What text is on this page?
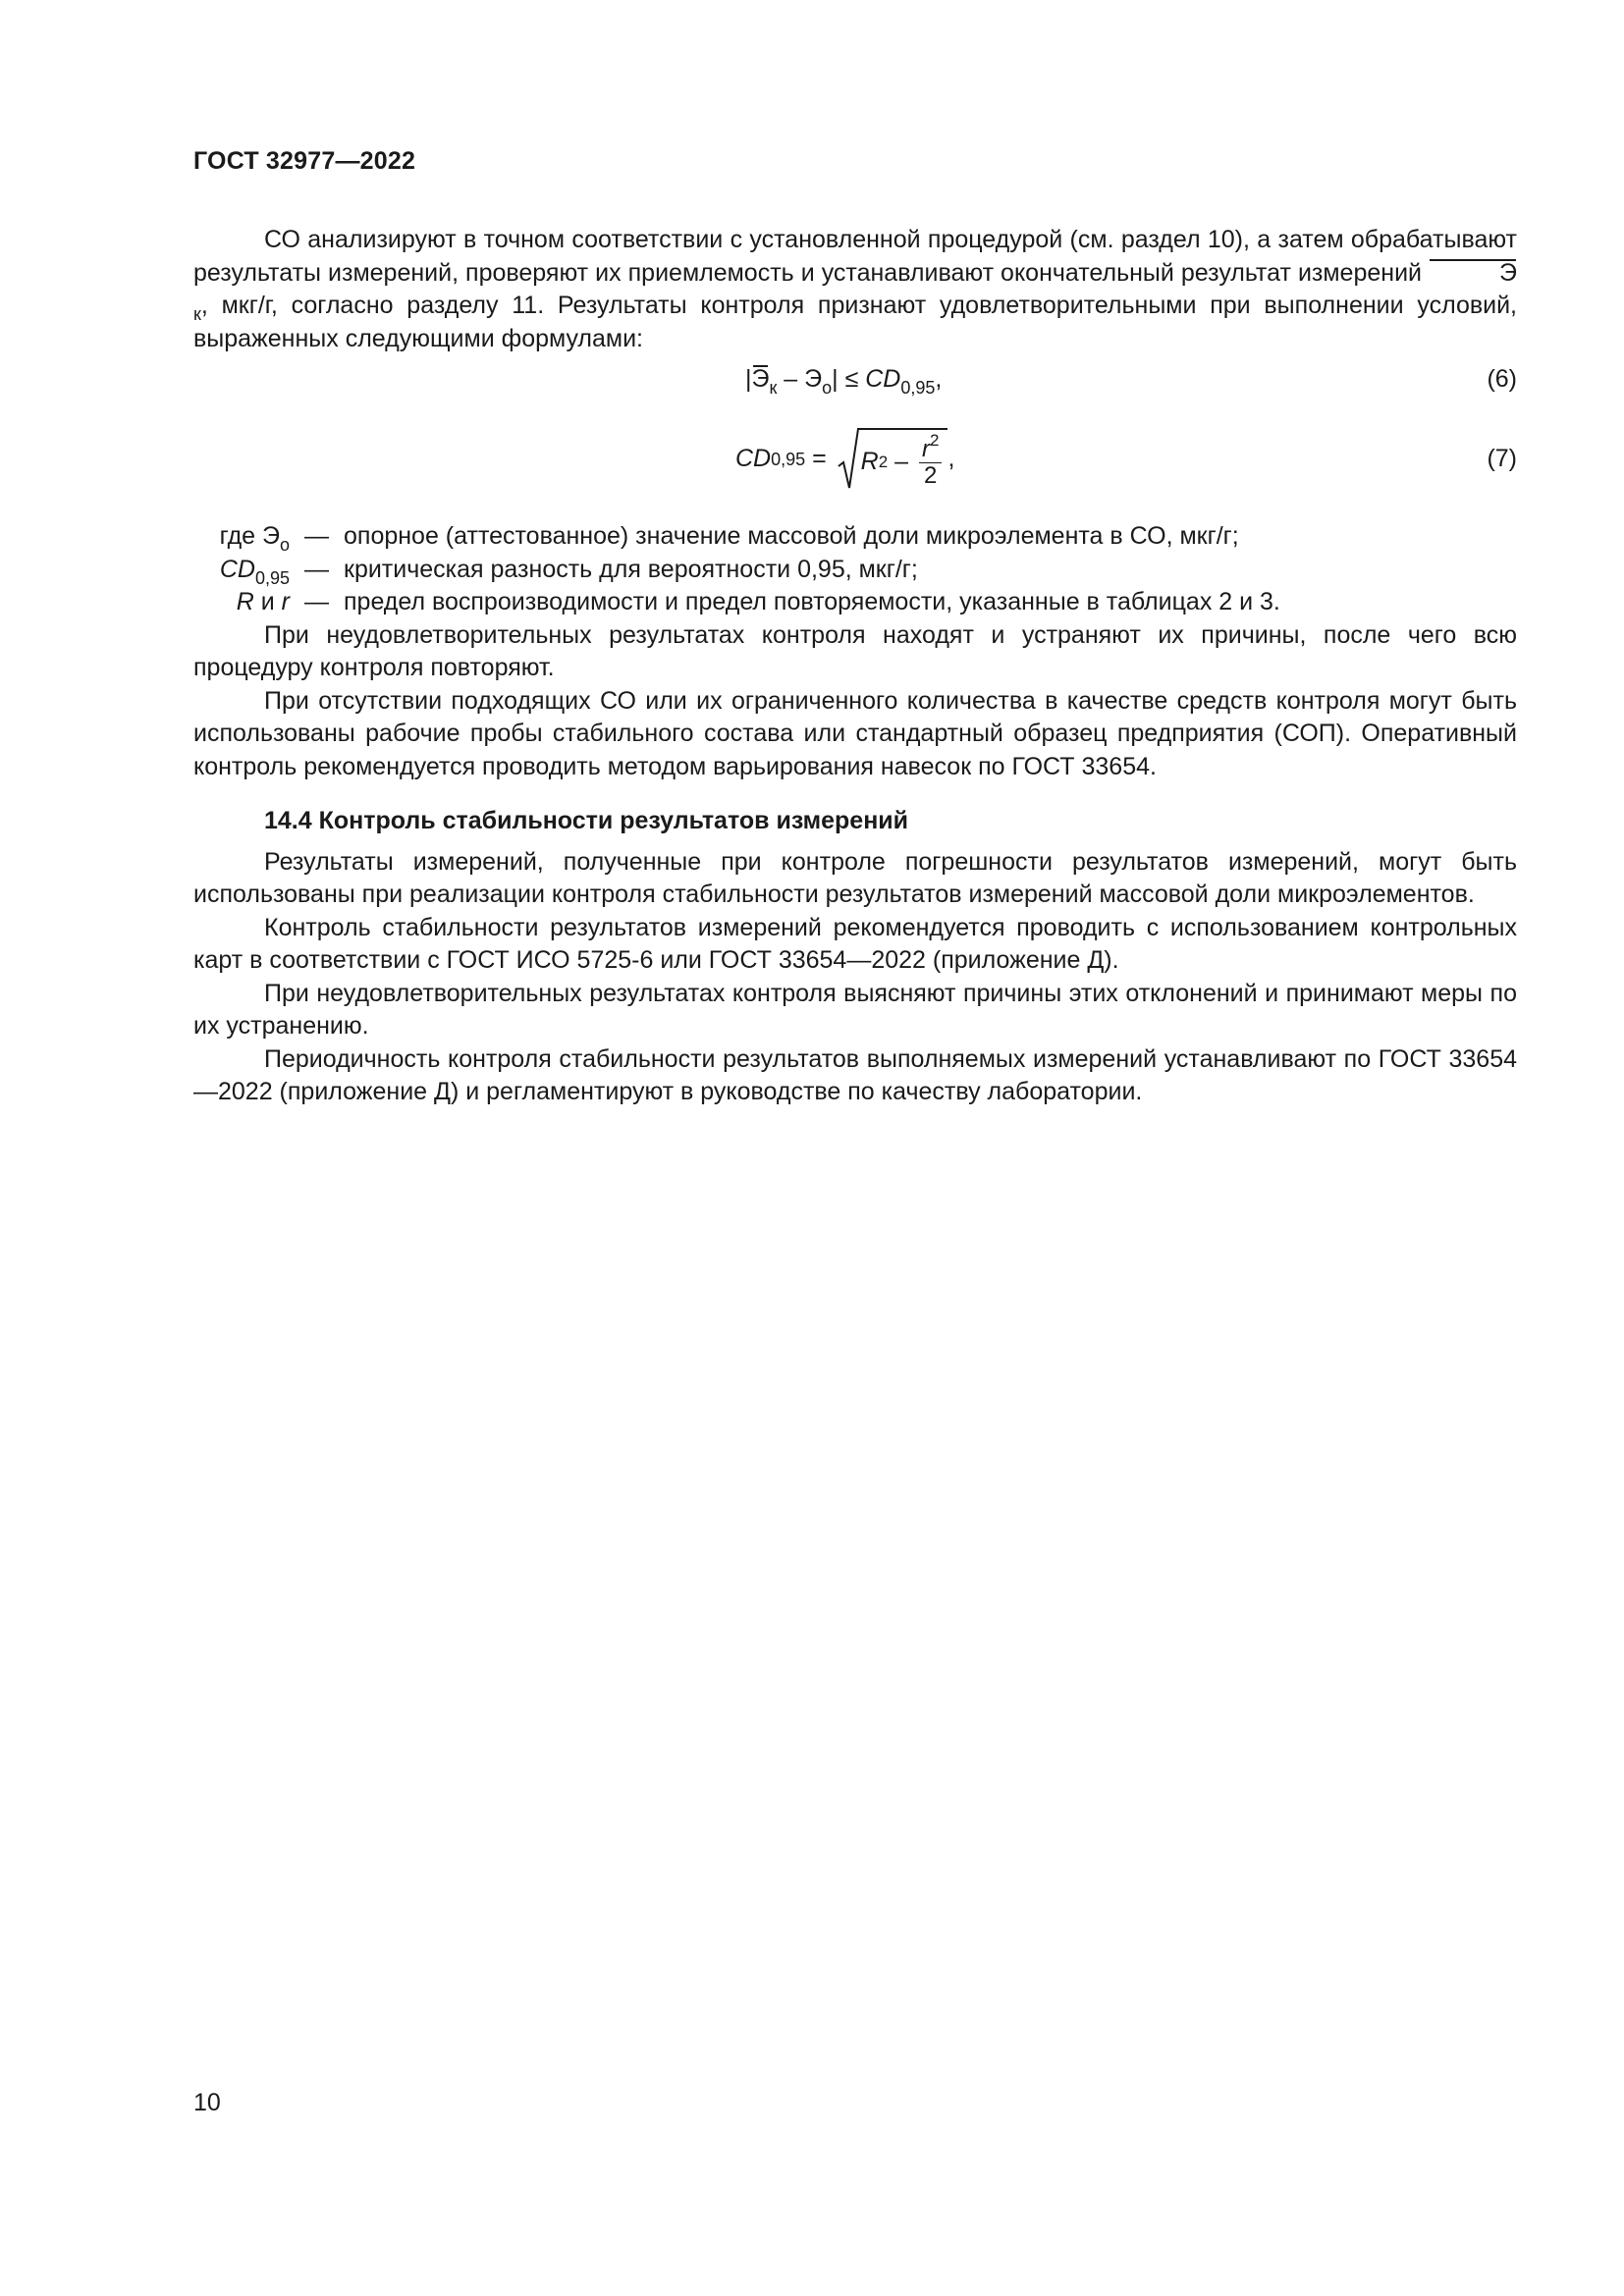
ГОСТ 32977—2022

СО анализируют в точном соответствии с установленной процедурой (см. раздел 10), а затем обрабатывают результаты измерений, проверяют их приемлемость и устанавливают окончательный результат измерений	$Э_к$, мкг/г, согласно разделу 11. Результаты контроля признают удовлетворительными при выполнении условий, выраженных следующими формулами:

$|Э_к - Э_о| \le CD_{0,95}$,	(6)
CD 0,95 = R $2 - \frac{r^2}{2}$ ,	(7)
где $Э_о$ — опорное (аттестованное) значение массовой доли микроэлемента в СО, мкг/г;
$CD_{0,95}$ — критическая разность для вероятности 0,95, мкг/г;
R и r — предел воспроизводимости и предел повторяемости, указанные в таблицах 2 и 3.

При неудовлетворительных результатах контроля находят и устраняют их причины, после чего всю процедуру контроля повторяют.

При отсутствии подходящих СО или их ограниченного количества в качестве средств контроля могут быть использованы рабочие пробы стабильного состава или стандартный образец предприятия (СОП). Оперативный контроль рекомендуется проводить методом варьирования навесок по ГОСТ 33654.

14.4 Контроль стабильности результатов измерений

Результаты измерений, полученные при контроле погрешности результатов измерений, могут быть использованы при реализации контроля стабильности результатов измерений массовой доли микроэлементов.

Контроль стабильности результатов измерений рекомендуется проводить с использованием контрольных карт в соответствии с ГОСТ ИСО 5725-6 или ГОСТ 33654—2022 (приложение Д).

При неудовлетворительных результатах контроля выясняют причины этих отклонений и принимают меры по их устранению.

Периодичность контроля стабильности результатов выполняемых измерений устанавливают по ГОСТ 33654—2022 (приложение Д) и регламентируют в руководстве по качеству лаборатории.

10
